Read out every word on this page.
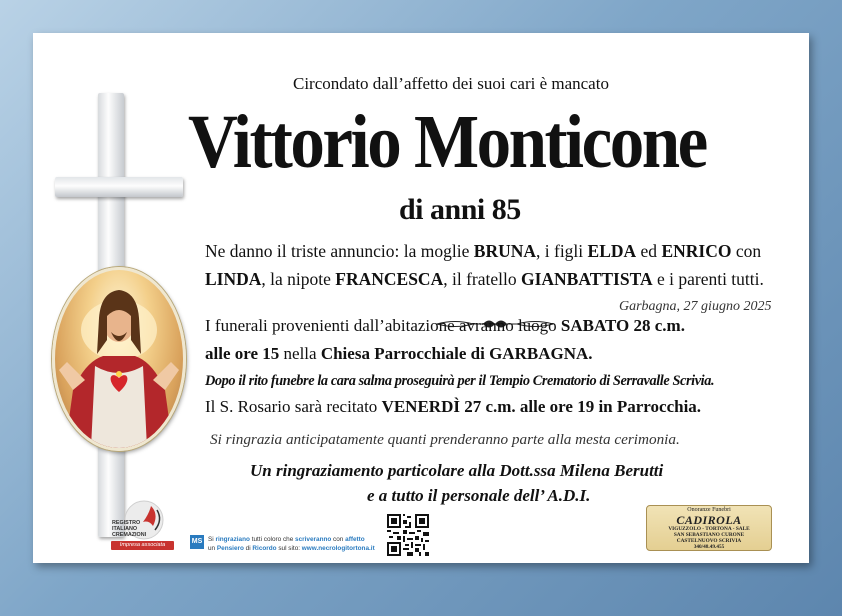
Circondato dall’affetto dei suoi cari è mancato
Vittorio Monticone
di anni 85
Ne danno il triste annuncio: la moglie BRUNA, i figli ELDA ed ENRICO con
LINDA, la nipote FRANCESCA, il fratello GIANBATTISTA e i parenti tutti.
Garbagna, 27 giugno 2025
I funerali provenienti dall’abitazione avranno luogo SABATO 28 c.m.
alle ore 15 nella Chiesa Parrocchiale di GARBAGNA.
Dopo il rito funebre la cara salma proseguirà per il Tempio Crematorio di Serravalle Scrivia.
Il S. Rosario sarà recitato VENERDÌ 27 c.m. alle ore 19 in Parrocchia.
Si ringrazia anticipatamente quanti prenderanno parte alla mesta cerimonia.
Un ringraziamento particolare alla Dott.ssa Milena Berutti
e a tutto il personale dell’ A.D.I.
REGISTRO
ITALIANO
CREMAZIONI
Impresa associata	MS Si ringraziano tutti coloro che scriveranno con affetto
un Pensiero di Ricordo sul sito: www.necrologitortona.it
Onoranze Funebri
CADIROLA
VIGUZZOLO - TORTONA - SALE
SAN SEBASTIANO CURONE
CASTELNUOVO SCRIVIA
340/48.49.455
